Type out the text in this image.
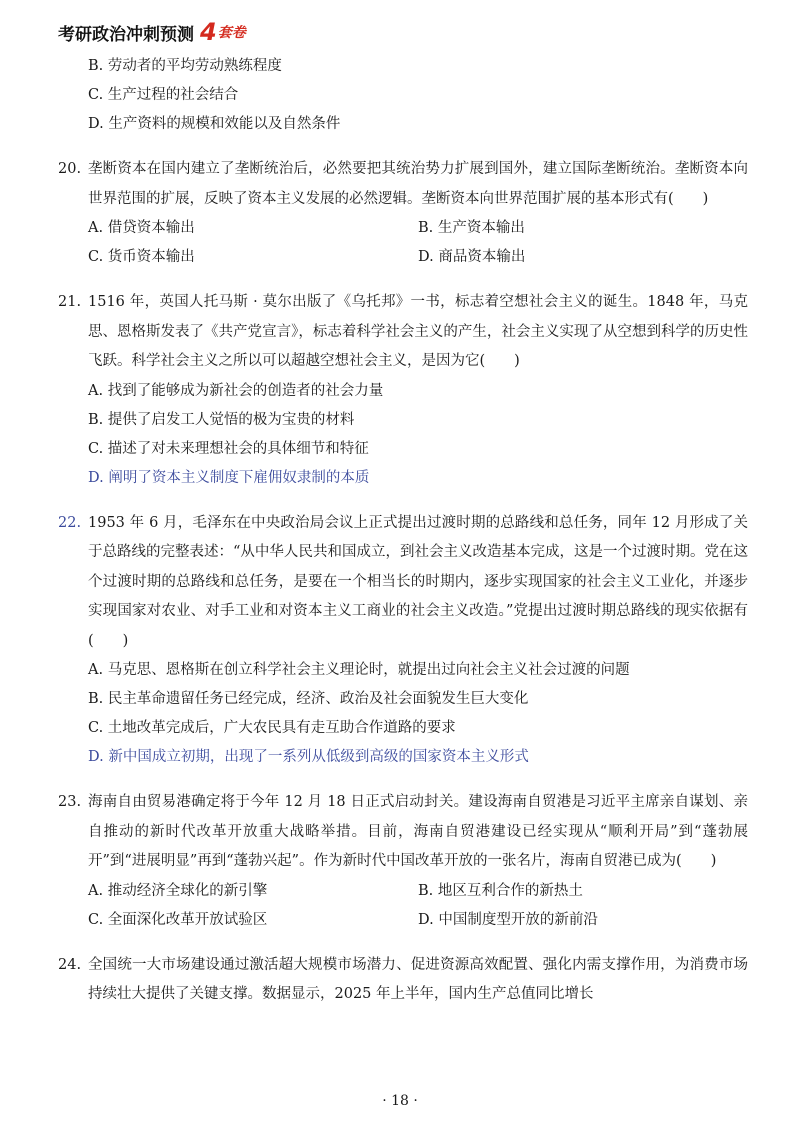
考研政治冲刺预测 4 套卷
B. 劳动者的平均劳动熟练程度
C. 生产过程的社会结合
D. 生产资料的规模和效能以及自然条件
20. 垄断资本在国内建立了垄断统治后，必然要把其统治势力扩展到国外，建立国际垄断统治。垄断资本向世界范围的扩展，反映了资本主义发展的必然逻辑。垄断资本向世界范围扩展的基本形式有(　　)
A. 借贷资本输出	B. 生产资本输出
C. 货币资本输出	D. 商品资本输出
21. 1516 年，英国人托马斯 · 莫尔出版了《乌托邦》一书，标志着空想社会主义的诞生。1848 年，马克思、恩格斯发表了《共产党宣言》，标志着科学社会主义的产生，社会主义实现了从空想到科学的历史性飞跃。科学社会主义之所以可以超越空想社会主义，是因为它(　　)
A. 找到了能够成为新社会的创造者的社会力量
B. 提供了启发工人觉悟的极为宝贵的材料
C. 描述了对未来理想社会的具体细节和特征
D. 阐明了资本主义制度下雇佣奴隶制的本质
22. 1953 年 6 月，毛泽东在中央政治局会议上正式提出过渡时期的总路线和总任务，同年 12 月形成了关于总路线的完整表述：“从中华人民共和国成立，到社会主义改造基本完成，这是一个过渡时期。党在这个过渡时期的总路线和总任务，是要在一个相当长的时期内，逐步实现国家的社会主义工业化，并逐步实现国家对农业、对手工业和对资本主义工商业的社会主义改造。”党提出过渡时期总路线的现实依据有(　　)
A. 马克思、恩格斯在创立科学社会主义理论时，就提出过向社会主义社会过渡的问题
B. 民主革命遗留任务已经完成，经济、政治及社会面貌发生巨大变化
C. 土地改革完成后，广大农民具有走互助合作道路的要求
D. 新中国成立初期，出现了一系列从低级到高级的国家资本主义形式
23. 海南自由贸易港确定将于今年 12 月 18 日正式启动封关。建设海南自贸港是习近平主席亲自谋划、亲自推动的新时代改革开放重大战略举措。目前，海南自贸港建设已经实现从“顺利开局”到“蓬勃展开”到“进展明显”再到“蓬勃兴起”。作为新时代中国改革开放的一张名片，海南自贸港已成为(　　)
A. 推动经济全球化的新引擎	B. 地区互利合作的新热土
C. 全面深化改革开放试验区	D. 中国制度型开放的新前沿
24. 全国统一大市场建设通过激活超大规模市场潜力、促进资源高效配置、强化内需支撑作用，为消费市场持续壮大提供了关键支撑。数据显示，2025 年上半年，国内生产总值同比增长
· 18 ·
